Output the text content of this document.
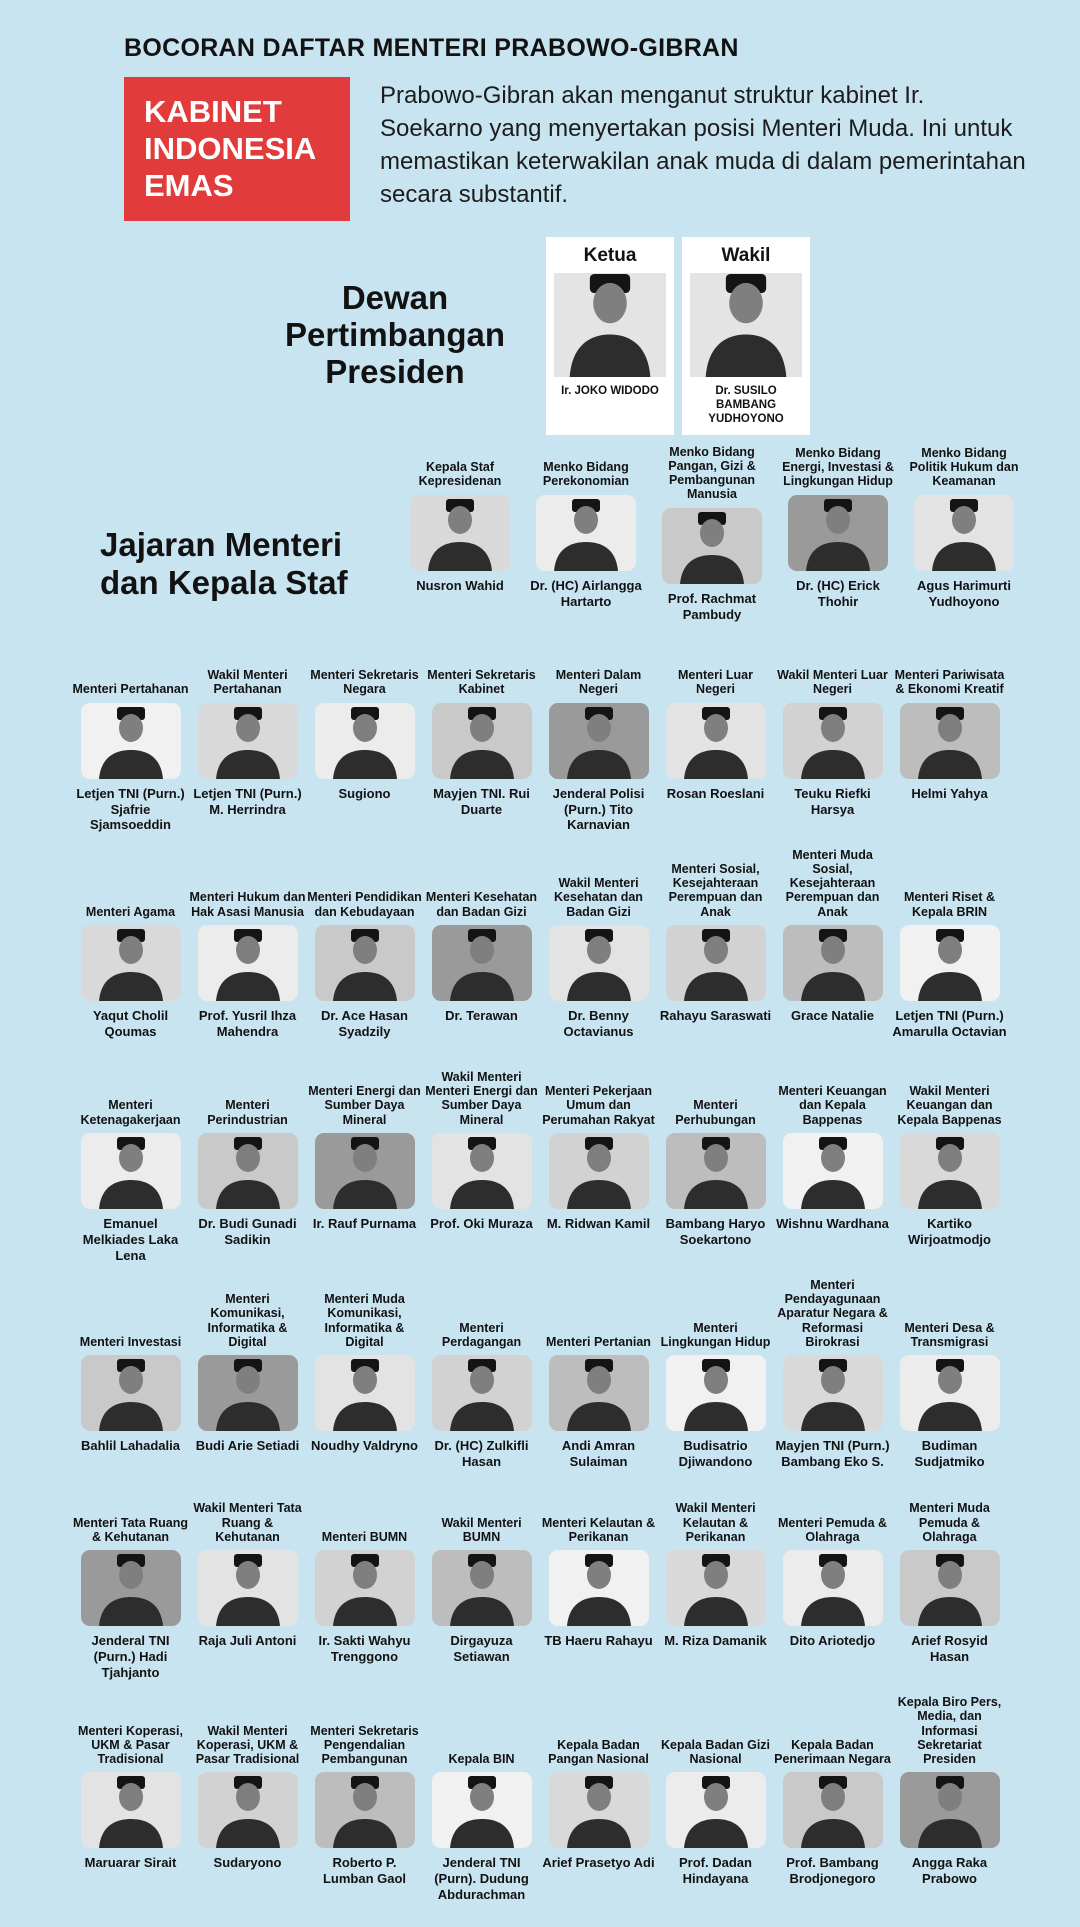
BOCORAN DAFTAR MENTERI PRABOWO-GIBRAN
KABINET
INDONESIA
EMAS
Prabowo-Gibran akan menganut struktur kabinet Ir. Soekarno yang menyertakan posisi Menteri Muda. Ini untuk memastikan keterwakilan anak muda di dalam pemerintahan secara substantif.
Dewan Pertimbangan Presiden
Ketua
Ir. JOKO WIDODO
Wakil
Dr. SUSILO BAMBANG YUDHOYONO
Jajaran Menteri dan Kepala Staf
Kepala Staf Kepresidenan
Nusron Wahid
Menko Bidang Perekonomian
Dr. (HC) Airlangga Hartarto
Menko Bidang Pangan, Gizi & Pembangunan Manusia
Prof. Rachmat Pambudy
Menko Bidang Energi, Investasi & Lingkungan Hidup
Dr. (HC) Erick Thohir
Menko Bidang Politik Hukum dan Keamanan
Agus Harimurti Yudhoyono
Menteri Pertahanan
Letjen TNI (Purn.) Sjafrie Sjamsoeddin
Wakil Menteri Pertahanan
Letjen TNI (Purn.) M. Herrindra
Menteri Sekretaris Negara
Sugiono
Menteri Sekretaris Kabinet
Mayjen TNI. Rui Duarte
Menteri Dalam Negeri
Jenderal Polisi (Purn.) Tito Karnavian
Menteri Luar Negeri
Rosan Roeslani
Wakil Menteri Luar Negeri
Teuku Riefki Harsya
Menteri Pariwisata & Ekonomi Kreatif
Helmi Yahya
Menteri Agama
Yaqut Cholil Qoumas
Menteri Hukum dan Hak Asasi Manusia
Prof. Yusril Ihza Mahendra
Menteri Pendidikan dan Kebudayaan
Dr. Ace Hasan Syadzily
Menteri Kesehatan dan Badan Gizi
Dr. Terawan
Wakil Menteri Kesehatan dan Badan Gizi
Dr. Benny Octavianus
Menteri Sosial, Kesejahteraan Perempuan dan Anak
Rahayu Saraswati
Menteri Muda Sosial, Kesejahteraan Perempuan dan Anak
Grace Natalie
Menteri Riset & Kepala BRIN
Letjen TNI (Purn.) Amarulla Octavian
Menteri Ketenagakerjaan
Emanuel Melkiades Laka Lena
Menteri Perindustrian
Dr. Budi Gunadi Sadikin
Menteri Energi dan Sumber Daya Mineral
Ir. Rauf Purnama
Wakil Menteri Menteri Energi dan Sumber Daya Mineral
Prof. Oki Muraza
Menteri Pekerjaan Umum dan Perumahan Rakyat
M. Ridwan Kamil
Menteri Perhubungan
Bambang Haryo Soekartono
Menteri Keuangan dan Kepala Bappenas
Wishnu Wardhana
Wakil Menteri Keuangan dan Kepala Bappenas
Kartiko Wirjoatmodjo
Menteri Investasi
Bahlil Lahadalia
Menteri Komunikasi, Informatika & Digital
Budi Arie Setiadi
Menteri Muda Komunikasi, Informatika & Digital
Noudhy Valdryno
Menteri Perdagangan
Dr. (HC) Zulkifli Hasan
Menteri Pertanian
Andi Amran Sulaiman
Menteri Lingkungan Hidup
Budisatrio Djiwandono
Menteri Pendayagunaan Aparatur Negara & Reformasi Birokrasi
Mayjen TNI (Purn.) Bambang Eko S.
Menteri Desa & Transmigrasi
Budiman Sudjatmiko
Menteri Tata Ruang & Kehutanan
Jenderal TNI (Purn.) Hadi Tjahjanto
Wakil Menteri Tata Ruang & Kehutanan
Raja Juli Antoni
Menteri BUMN
Ir. Sakti Wahyu Trenggono
Wakil Menteri BUMN
Dirgayuza Setiawan
Menteri Kelautan & Perikanan
TB Haeru Rahayu
Wakil Menteri Kelautan & Perikanan
M. Riza Damanik
Menteri Pemuda & Olahraga
Dito Ariotedjo
Menteri Muda Pemuda & Olahraga
Arief Rosyid Hasan
Menteri Koperasi, UKM & Pasar Tradisional
Maruarar Sirait
Wakil Menteri Koperasi, UKM & Pasar Tradisional
Sudaryono
Menteri Sekretaris Pengendalian Pembangunan
Roberto P. Lumban Gaol
Kepala BIN
Jenderal TNI (Purn). Dudung Abdurachman
Kepala Badan Pangan Nasional
Arief Prasetyo Adi
Kepala Badan Gizi Nasional
Prof. Dadan Hindayana
Kepala Badan Penerimaan Negara
Prof. Bambang Brodjonegoro
Kepala Biro Pers, Media, dan Informasi Sekretariat Presiden
Angga Raka Prabowo
